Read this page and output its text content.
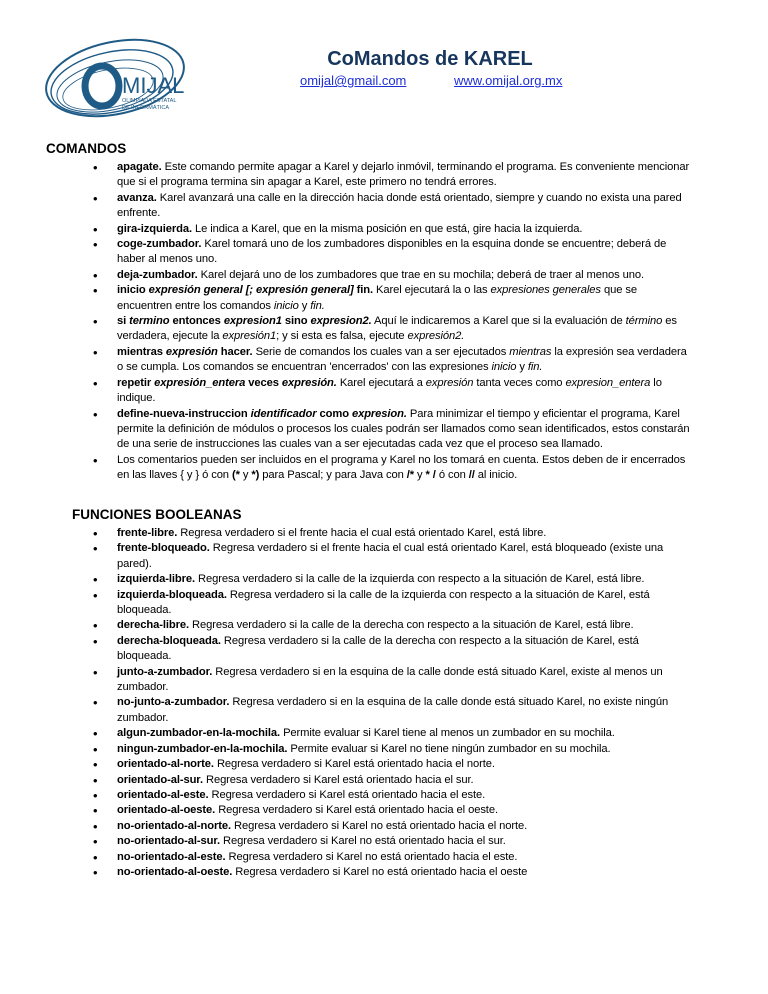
MIJAL
OLIMPIADA ESTATAL
DE INFORMÁTICA
CoMandos de KAREL
omijal@gmail.com	www.omijal.org.mx
COMANDOS
• apagate. Este comando permite apagar a Karel y dejarlo inmóvil, terminando el programa. Es conveniente mencionar que si el programa termina sin apagar a Karel, este primero no tendrá errores.
• avanza. Karel avanzará una calle en la dirección hacia donde está orientado, siempre y cuando no exista una pared enfrente.
• gira-izquierda. Le indica a Karel, que en la misma posición en que está, gire hacia la izquierda.
• coge-zumbador. Karel tomará uno de los zumbadores disponibles en la esquina donde se encuentre; deberá de haber al menos uno.
• deja-zumbador. Karel dejará uno de los zumbadores que trae en su mochila; deberá de traer al menos uno.
• inicio expresión general [; expresión general] fin. Karel ejecutará la o las expresiones generales que se encuentren entre los comandos inicio y fin.
• si termino entonces expresion1 sino expresion2. Aquí le indicaremos a Karel que si la evaluación de término es verdadera, ejecute la expresión1; y si esta es falsa, ejecute expresión2.
• mientras expresión hacer. Serie de comandos los cuales van a ser ejecutados mientras la expresión sea verdadera o se cumpla. Los comandos se encuentran 'encerrados' con las expresiones inicio y fin.
• repetir expresión_entera veces expresión. Karel ejecutará a expresión tanta veces como expresion_entera lo indique.
• define-nueva-instruccion identificador como expresion. Para minimizar el tiempo y eficientar el programa, Karel permite la definición de módulos o procesos los cuales podrán ser llamados como sean identificados, estos constarán de una serie de instrucciones las cuales van a ser ejecutadas cada vez que el proceso sea llamado.
• Los comentarios pueden ser incluidos en el programa y Karel no los tomará en cuenta. Estos deben de ir encerrados en las llaves { y } ó con (* y *) para Pascal; y para Java con /* y * / ó con // al inicio.
FUNCIONES BOOLEANAS
• frente-libre. Regresa verdadero si el frente hacia el cual está orientado Karel, está libre.
• frente-bloqueado. Regresa verdadero si el frente hacia el cual está orientado Karel, está bloqueado (existe una pared).
• izquierda-libre. Regresa verdadero si la calle de la izquierda con respecto a la situación de Karel, está libre.
• izquierda-bloqueada. Regresa verdadero si la calle de la izquierda con respecto a la situación de Karel, está bloqueada.
• derecha-libre. Regresa verdadero si la calle de la derecha con respecto a la situación de Karel, está libre.
• derecha-bloqueada. Regresa verdadero si la calle de la derecha con respecto a la situación de Karel, está bloqueada.
• junto-a-zumbador. Regresa verdadero si en la esquina de la calle donde está situado Karel, existe al menos un zumbador.
• no-junto-a-zumbador. Regresa verdadero si en la esquina de la calle donde está situado Karel, no existe ningún zumbador.
• algun-zumbador-en-la-mochila. Permite evaluar si Karel tiene al menos un zumbador en su mochila.
• ningun-zumbador-en-la-mochila. Permite evaluar si Karel no tiene ningún zumbador en su mochila.
• orientado-al-norte. Regresa verdadero si Karel está orientado hacia el norte.
• orientado-al-sur. Regresa verdadero si Karel está orientado hacia el sur.
• orientado-al-este. Regresa verdadero si Karel está orientado hacia el este.
• orientado-al-oeste. Regresa verdadero si Karel está orientado hacia el oeste.
• no-orientado-al-norte. Regresa verdadero si Karel no está orientado hacia el norte.
• no-orientado-al-sur. Regresa verdadero si Karel no está orientado hacia el sur.
• no-orientado-al-este. Regresa verdadero si Karel no está orientado hacia el este.
• no-orientado-al-oeste. Regresa verdadero si Karel no está orientado hacia el oeste
